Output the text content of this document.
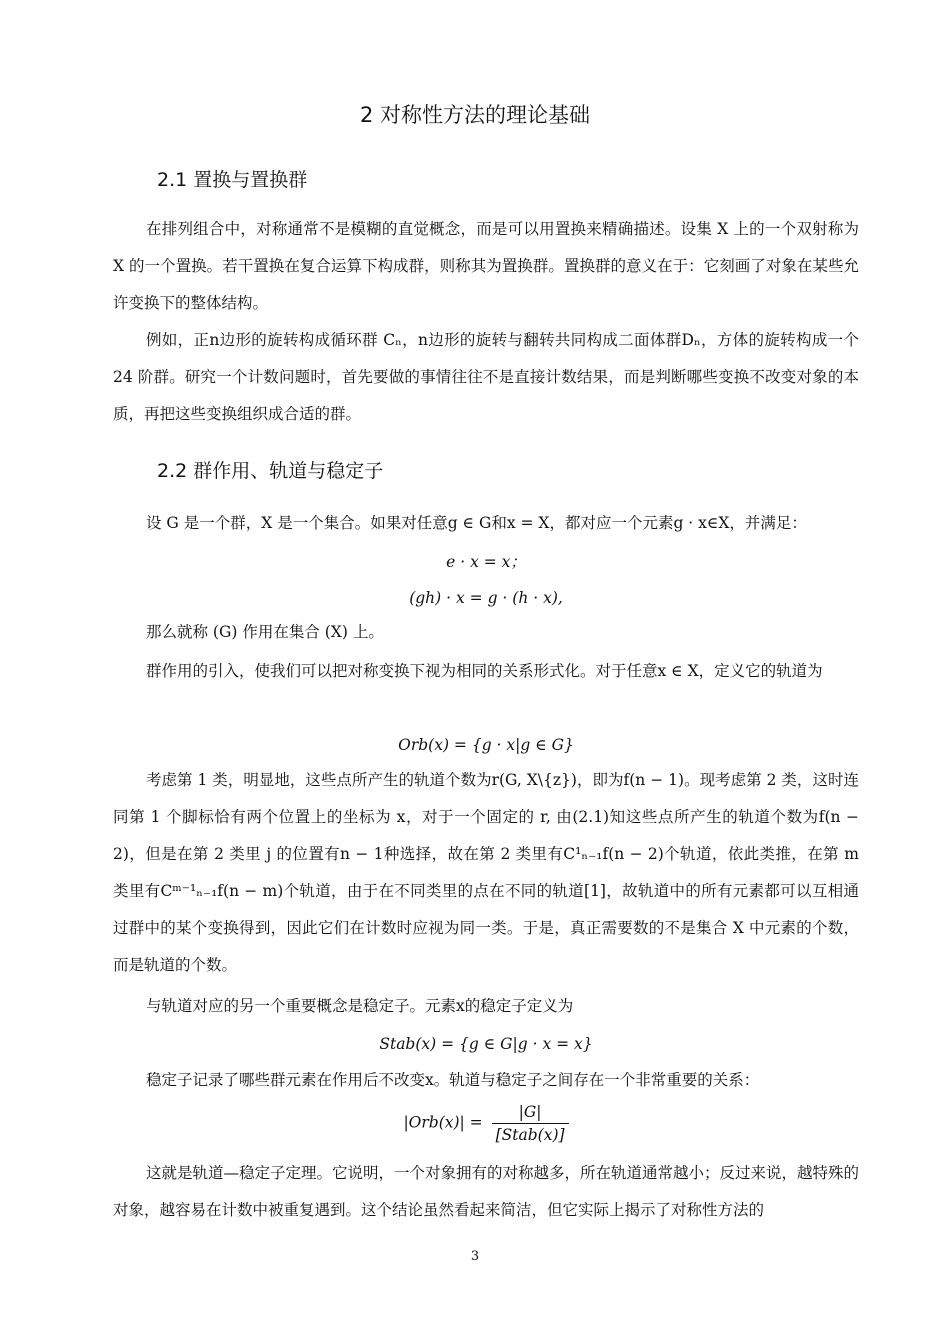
2 对称性方法的理论基础
2.1 置换与置换群

在排列组合中，对称通常不是模糊的直觉概念，而是可以用置换来精确描述。设集 X 上的一个双射称为 X 的一个置换。若干置换在复合运算下构成群，则称其为置换群。置换群的意义在于：它刻画了对象在某些允许变换下的整体结构。

例如，正n边形的旋转构成循环群 Cₙ，n边形的旋转与翻转共同构成二面体群Dₙ，方体的旋转构成一个 24 阶群。研究一个计数问题时，首先要做的事情往往不是直接计数结果，而是判断哪些变换不改变对象的本质，再把这些变换组织成合适的群。

2.2 群作用、轨道与稳定子

设 G 是一个群，X 是一个集合。如果对任意g ∈ G和x = X，都对应一个元素g · x∈X，并满足：

e · x = x；
(gh) · x = g · (h · x),

那么就称 (G) 作用在集合 (X) 上。

群作用的引入，使我们可以把对称变换下视为相同的关系形式化。对于任意x ∈ X，定义它的轨道为

Orb(x) = {g · x|g ∈ G}

考虑第 1 类，明显地，这些点所产生的轨道个数为r(G, X\{z})，即为f(n − 1)。现考虑第 2 类，这时连同第 1 个脚标恰有两个位置上的坐标为 x，对于一个固定的 r, 由(2.1)知这些点所产生的轨道个数为f(n − 2)，但是在第 2 类里 j 的位置有n − 1种选择，故在第 2 类里有C¹ₙ₋₁f(n − 2)个轨道，依此类推，在第 m 类里有Cᵐ⁻¹ₙ₋₁f(n − m)个轨道，由于在不同类里的点在不同的轨道[1]，故轨道中的所有元素都可以互相通过群中的某个变换得到，因此它们在计数时应视为同一类。于是，真正需要数的不是集合 X 中元素的个数，而是轨道的个数。

与轨道对应的另一个重要概念是稳定子。元素x的稳定子定义为

Stab(x) = {g ∈ G|g · x = x}

稳定子记录了哪些群元素在作用后不改变x。轨道与稳定子之间存在一个非常重要的关系：

$|Orb(x)| = \frac{|G|}{\text{[Stab(x)]}}$

这就是轨道—稳定子定理。它说明，一个对象拥有的对称越多，所在轨道通常越小；反过来说，越特殊的对象，越容易在计数中被重复遇到。这个结论虽然看起来简洁，但它实际上揭示了对称性方法的

3
